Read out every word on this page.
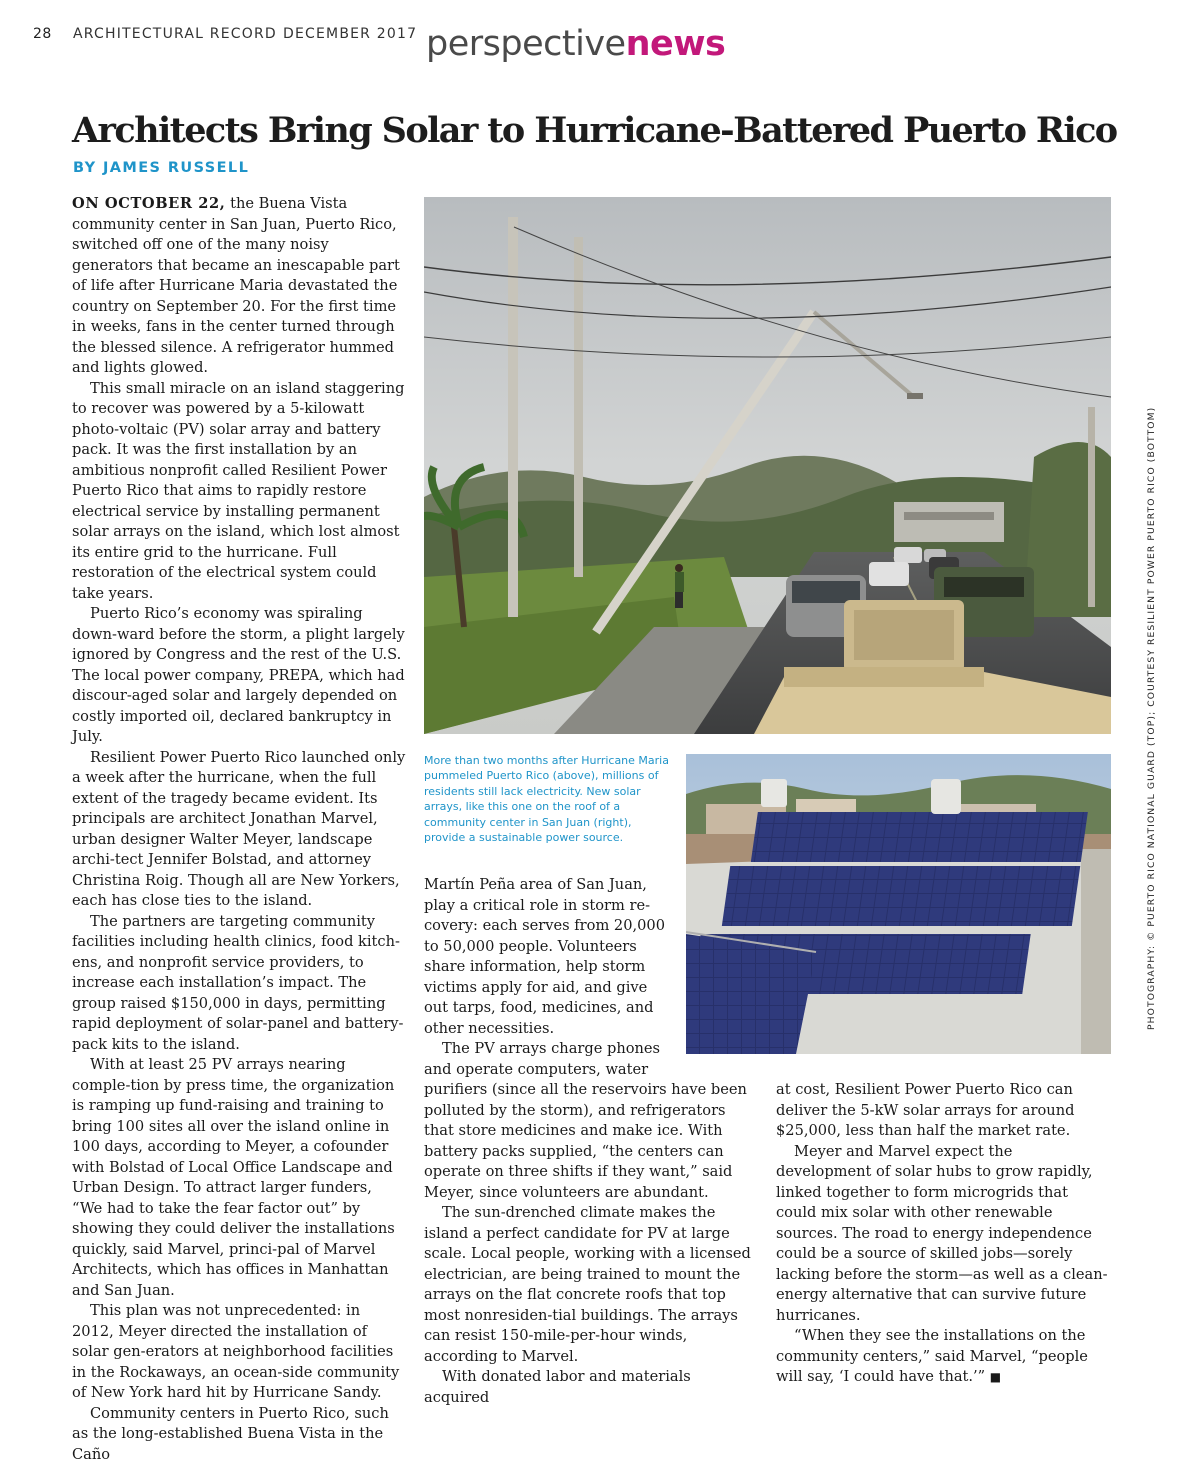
28 ARCHITECTURAL RECORD DECEMBER 2017 perspectivenews
Architects Bring Solar to Hurricane-Battered Puerto Rico
BY JAMES RUSSELL

ON OCTOBER 22, the Buena Vista community center in San Juan, Puerto Rico, switched off one of the many noisy generators that became an inescapable part of life after Hurricane Maria devastated the country on September 20. For the first time in weeks, fans in the center turned through the blessed silence. A refrigerator hummed and lights glowed.

This small miracle on an island staggering to recover was powered by a 5-kilowatt photo-voltaic (PV) solar array and battery pack. It was the first installation by an ambitious nonprofit called Resilient Power Puerto Rico that aims to rapidly restore electrical service by installing permanent solar arrays on the island, which lost almost its entire grid to the hurricane. Full restoration of the electrical system could take years.

Puerto Rico’s economy was spiraling down-ward before the storm, a plight largely ignored by Congress and the rest of the U.S. The local power company, PREPA, which had discour-aged solar and largely depended on costly imported oil, declared bankruptcy in July.

Resilient Power Puerto Rico launched only a week after the hurricane, when the full extent of the tragedy became evident. Its principals are architect Jonathan Marvel, urban designer Walter Meyer, landscape archi-tect Jennifer Bolstad, and attorney Christina Roig. Though all are New Yorkers, each has close ties to the island.

The partners are targeting community facilities including health clinics, food kitch-ens, and nonprofit service providers, to increase each installation’s impact. The group raised $150,000 in days, permitting rapid deployment of solar-panel and battery-pack kits to the island.

With at least 25 PV arrays nearing comple-tion by press time, the organization is ramping up fund-raising and training to bring 100 sites all over the island online in 100 days, according to Meyer, a cofounder with Bolstad of Local Office Landscape and Urban Design. To attract larger funders, “We had to take the fear factor out” by showing they could deliver the installations quickly, said Marvel, princi-pal of Marvel Architects, which has offices in Manhattan and San Juan.

This plan was not unprecedented: in 2012, Meyer directed the installation of solar gen-erators at neighborhood facilities in the Rockaways, an ocean-side community of New York hard hit by Hurricane Sandy.

Community centers in Puerto Rico, such as the long-established Buena Vista in the Caño

More than two months after Hurricane Maria pummeled Puerto Rico (above), millions of residents still lack electricity. New solar arrays, like this one on the roof of a community center in San Juan (right), provide a sustainable power source.

Martín Peña area of San Juan, play a critical role in storm re-covery: each serves from 20,000 to 50,000 people. Volunteers share information, help storm victims apply for aid, and give out tarps, food, medicines, and other necessities.

The PV arrays charge phones and operate computers, water

purifiers (since all the reservoirs have been polluted by the storm), and refrigerators that store medicines and make ice. With battery packs supplied, “the centers can operate on three shifts if they want,” said Meyer, since volunteers are abundant.

The sun-drenched climate makes the island a perfect candidate for PV at large scale. Local people, working with a licensed electrician, are being trained to mount the arrays on the flat concrete roofs that top most nonresiden-tial buildings. The arrays can resist 150-mile-per-hour winds, according to Marvel.

With donated labor and materials acquired

at cost, Resilient Power Puerto Rico can deliver the 5-kW solar arrays for around $25,000, less than half the market rate.

Meyer and Marvel expect the development of solar hubs to grow rapidly, linked together to form microgrids that could mix solar with other renewable sources. The road to energy independence could be a source of skilled jobs—sorely lacking before the storm—as well as a clean-energy alternative that can survive future hurricanes.

“When they see the installations on the community centers,” said Marvel, “people will say, ‘I could have that.’” ■

PHOTOGRAPHY: © PUERTO RICO NATIONAL GUARD (TOP); COURTESY RESILIENT POWER PUERTO RICO (BOTTOM)
